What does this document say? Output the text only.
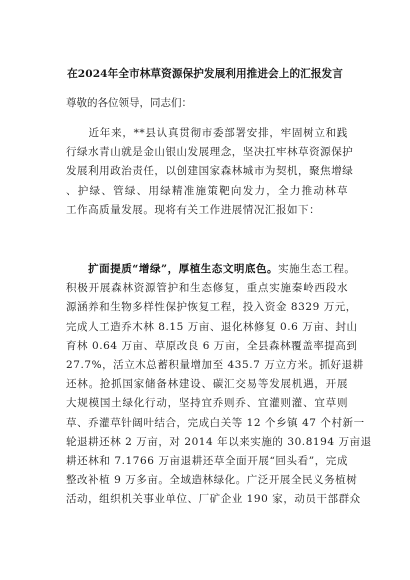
在2024年全市林草资源保护发展利用推进会上的汇报发言
尊敬的各位领导，同志们：
　　近年来，**县认真贯彻市委部署安排，牢固树立和践
行绿水青山就是金山银山发展理念，坚决扛牢林草资源保护
发展利用政治责任，以创建国家森林城市为契机，聚焦增绿
、护绿、管绿、用绿精准施策靶向发力，全力推动林草
工作高质量发展。现将有关工作进展情况汇报如下：
　　扩面提质“增绿”，厚植生态文明底色。实施生态工程。
积极开展森林资源管护和生态修复，重点实施秦岭西段水
源涵养和生物多样性保护恢复工程，投入资金 8329 万元，
完成人工造乔木林 8.15 万亩、退化林修复 0.6 万亩、封山
育林 0.64 万亩、草原改良 6 万亩，全县森林覆盖率提高到
27.7%，活立木总蓄积量增加至 435.7 万立方米。抓好退耕
还林。抢抓国家储备林建设、碳汇交易等发展机遇，开展
大规模国土绿化行动，坚持宜乔则乔、宜灌则灌、宜草则
草、乔灌草针阔叶结合，完成白关等 12 个乡镇 47 个村新一
轮退耕还林 2 万亩，对 2014 年以来实施的 30.8194 万亩退
耕还林和 7.1766 万亩退耕还草全面开展“回头看”，完成
整改补植 9 万多亩。全域造林绿化。广泛开展全民义务植树
活动，组织机关事业单位、厂矿企业 190 家，动员干部群众
